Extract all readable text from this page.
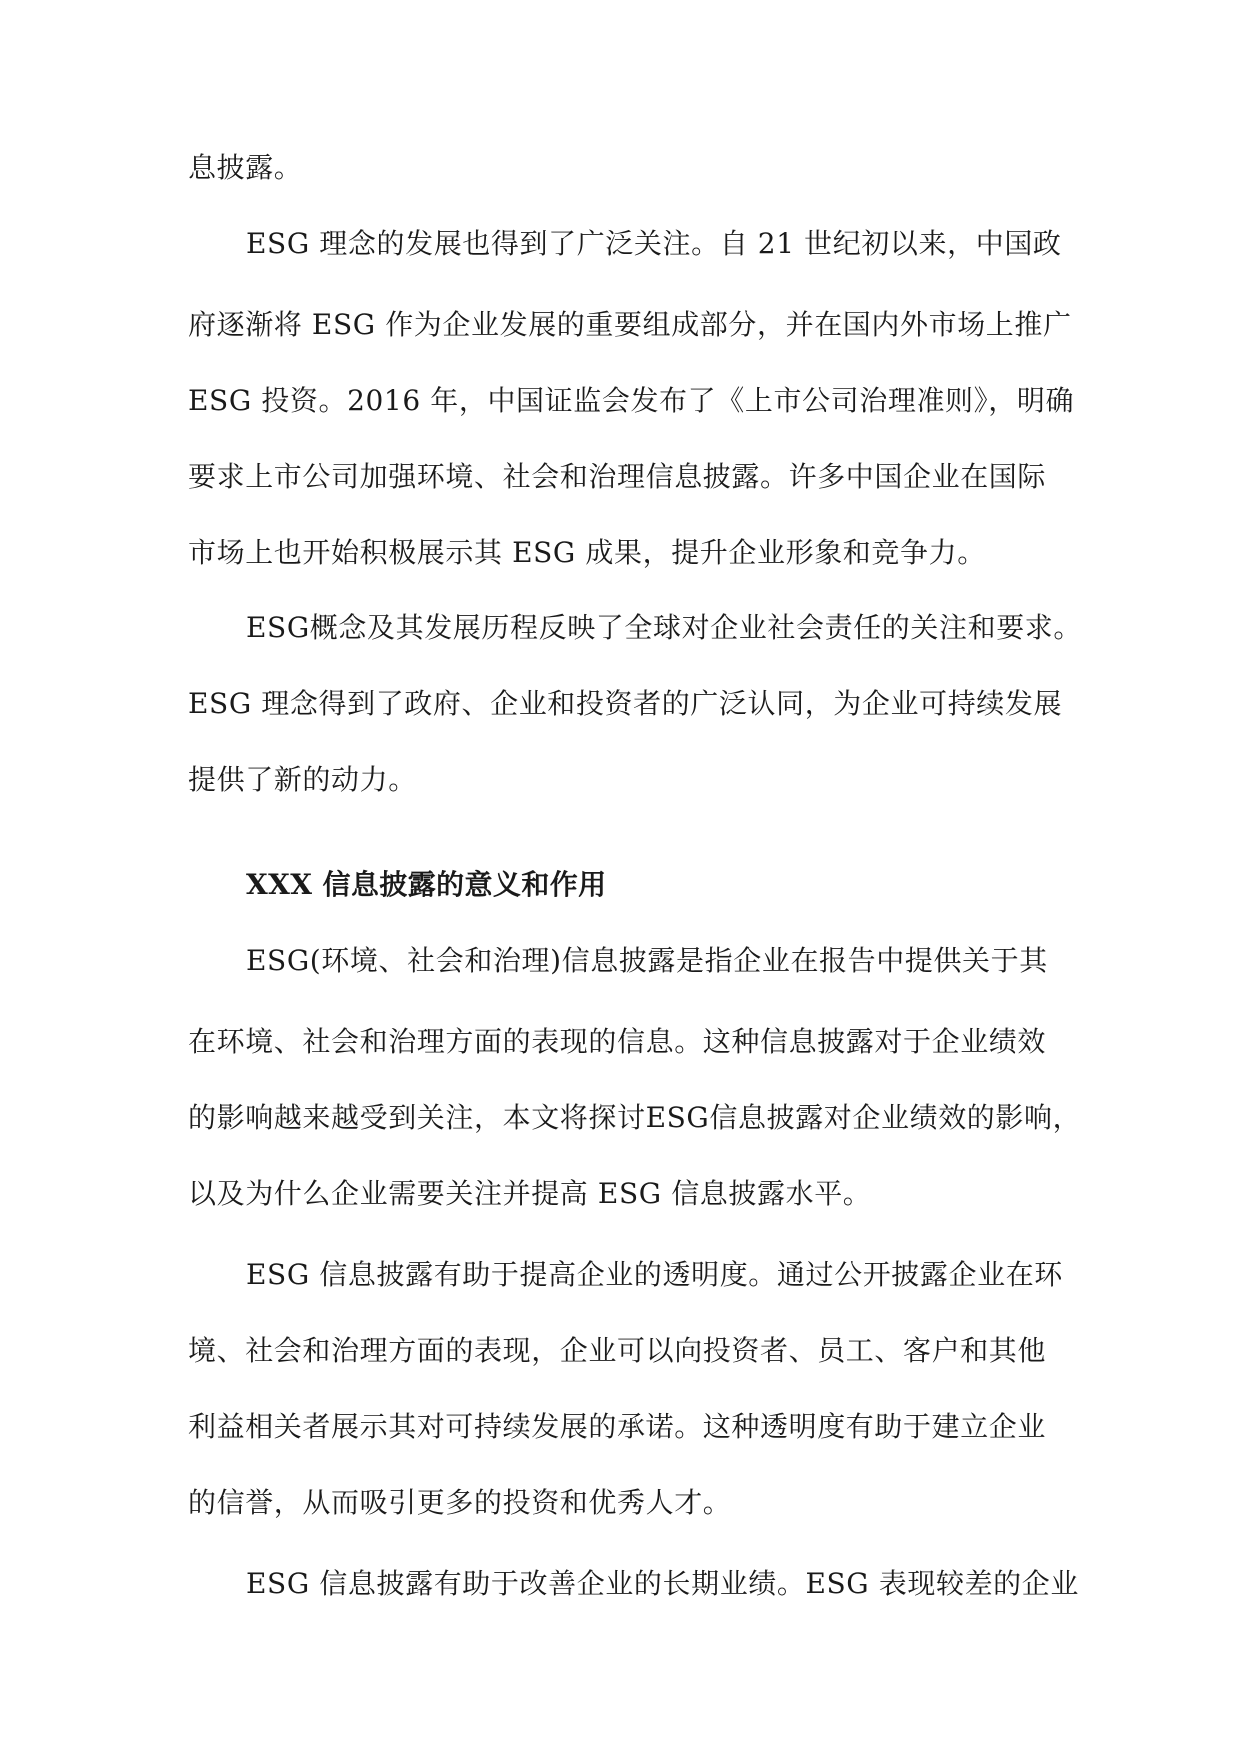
息披露。
ESG 理念的发展也得到了广泛关注。自 21 世纪初以来，中国政
府逐渐将 ESG 作为企业发展的重要组成部分，并在国内外市场上推广
ESG 投资。2016 年，中国证监会发布了《上市公司治理准则》，明确
要求上市公司加强环境、社会和治理信息披露。许多中国企业在国际
市场上也开始积极展示其 ESG 成果，提升企业形象和竞争力。
ESG概念及其发展历程反映了全球对企业社会责任的关注和要求。
ESG 理念得到了政府、企业和投资者的广泛认同，为企业可持续发展
提供了新的动力。
XXX 信息披露的意义和作用
ESG(环境、社会和治理)信息披露是指企业在报告中提供关于其
在环境、社会和治理方面的表现的信息。这种信息披露对于企业绩效
的影响越来越受到关注，本文将探讨ESG信息披露对企业绩效的影响，
以及为什么企业需要关注并提高 ESG 信息披露水平。
ESG 信息披露有助于提高企业的透明度。通过公开披露企业在环
境、社会和治理方面的表现，企业可以向投资者、员工、客户和其他
利益相关者展示其对可持续发展的承诺。这种透明度有助于建立企业
的信誉，从而吸引更多的投资和优秀人才。
ESG 信息披露有助于改善企业的长期业绩。ESG 表现较差的企业
